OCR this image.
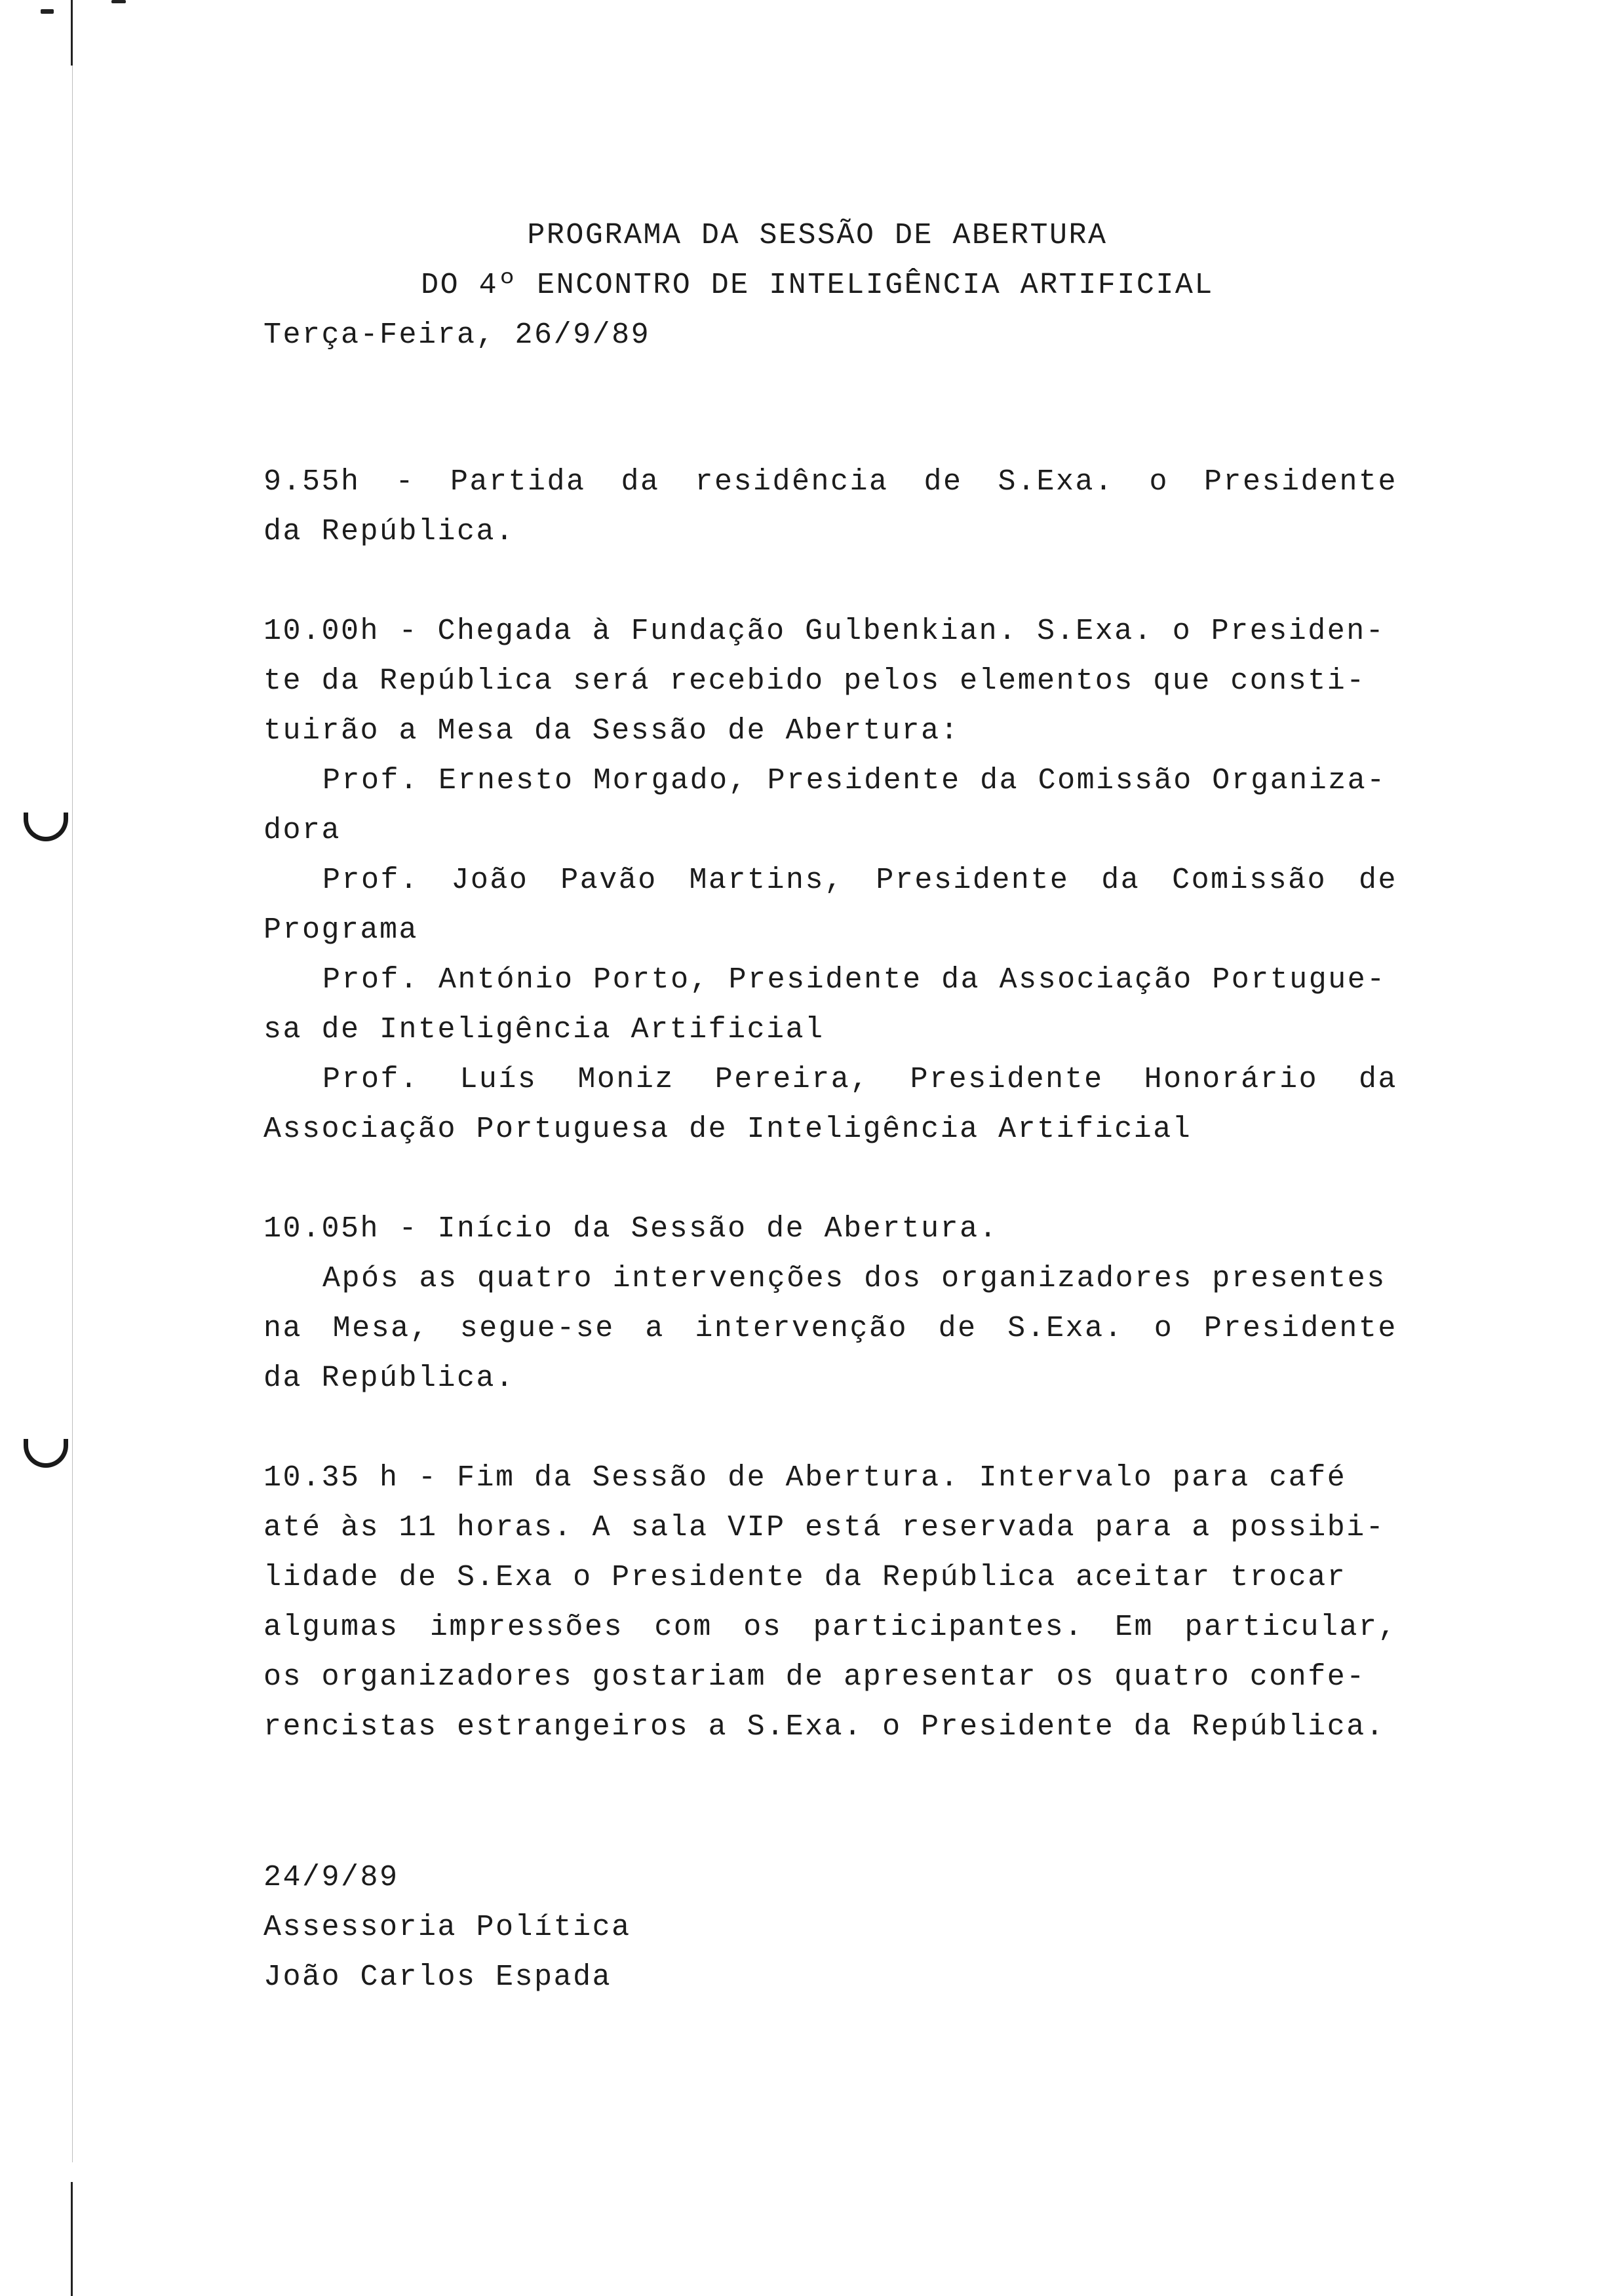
PROGRAMA DA SESSÃO DE ABERTURA
DO 4º ENCONTRO DE INTELIGÊNCIA ARTIFICIAL
Terça-Feira, 26/9/89
9.55h - Partida da residência de S.Exa. o Presidente
da República.
10.00h - Chegada à Fundação Gulbenkian. S.Exa. o Presiden-
te da República será recebido pelos elementos que consti-
tuirão a Mesa da Sessão de Abertura:
Prof. Ernesto Morgado, Presidente da Comissão Organiza-
dora
Prof. João Pavão Martins, Presidente da Comissão de
Programa
Prof. António Porto, Presidente da Associação Portugue-
sa de Inteligência Artificial
Prof. Luís Moniz Pereira, Presidente Honorário da
Associação Portuguesa de Inteligência Artificial
10.05h - Início da Sessão de Abertura.
Após as quatro intervenções dos organizadores presentes
na Mesa, segue-se a intervenção de S.Exa. o Presidente
da República.
10.35 h - Fim da Sessão de Abertura. Intervalo para café
até às 11 horas. A sala VIP está reservada para a possibi-
lidade de S.Exa o Presidente da República aceitar trocar
algumas impressões com os participantes. Em particular,
os organizadores gostariam de apresentar os quatro confe-
rencistas estrangeiros a S.Exa. o Presidente da República.
24/9/89
Assessoria Política
João Carlos Espada
